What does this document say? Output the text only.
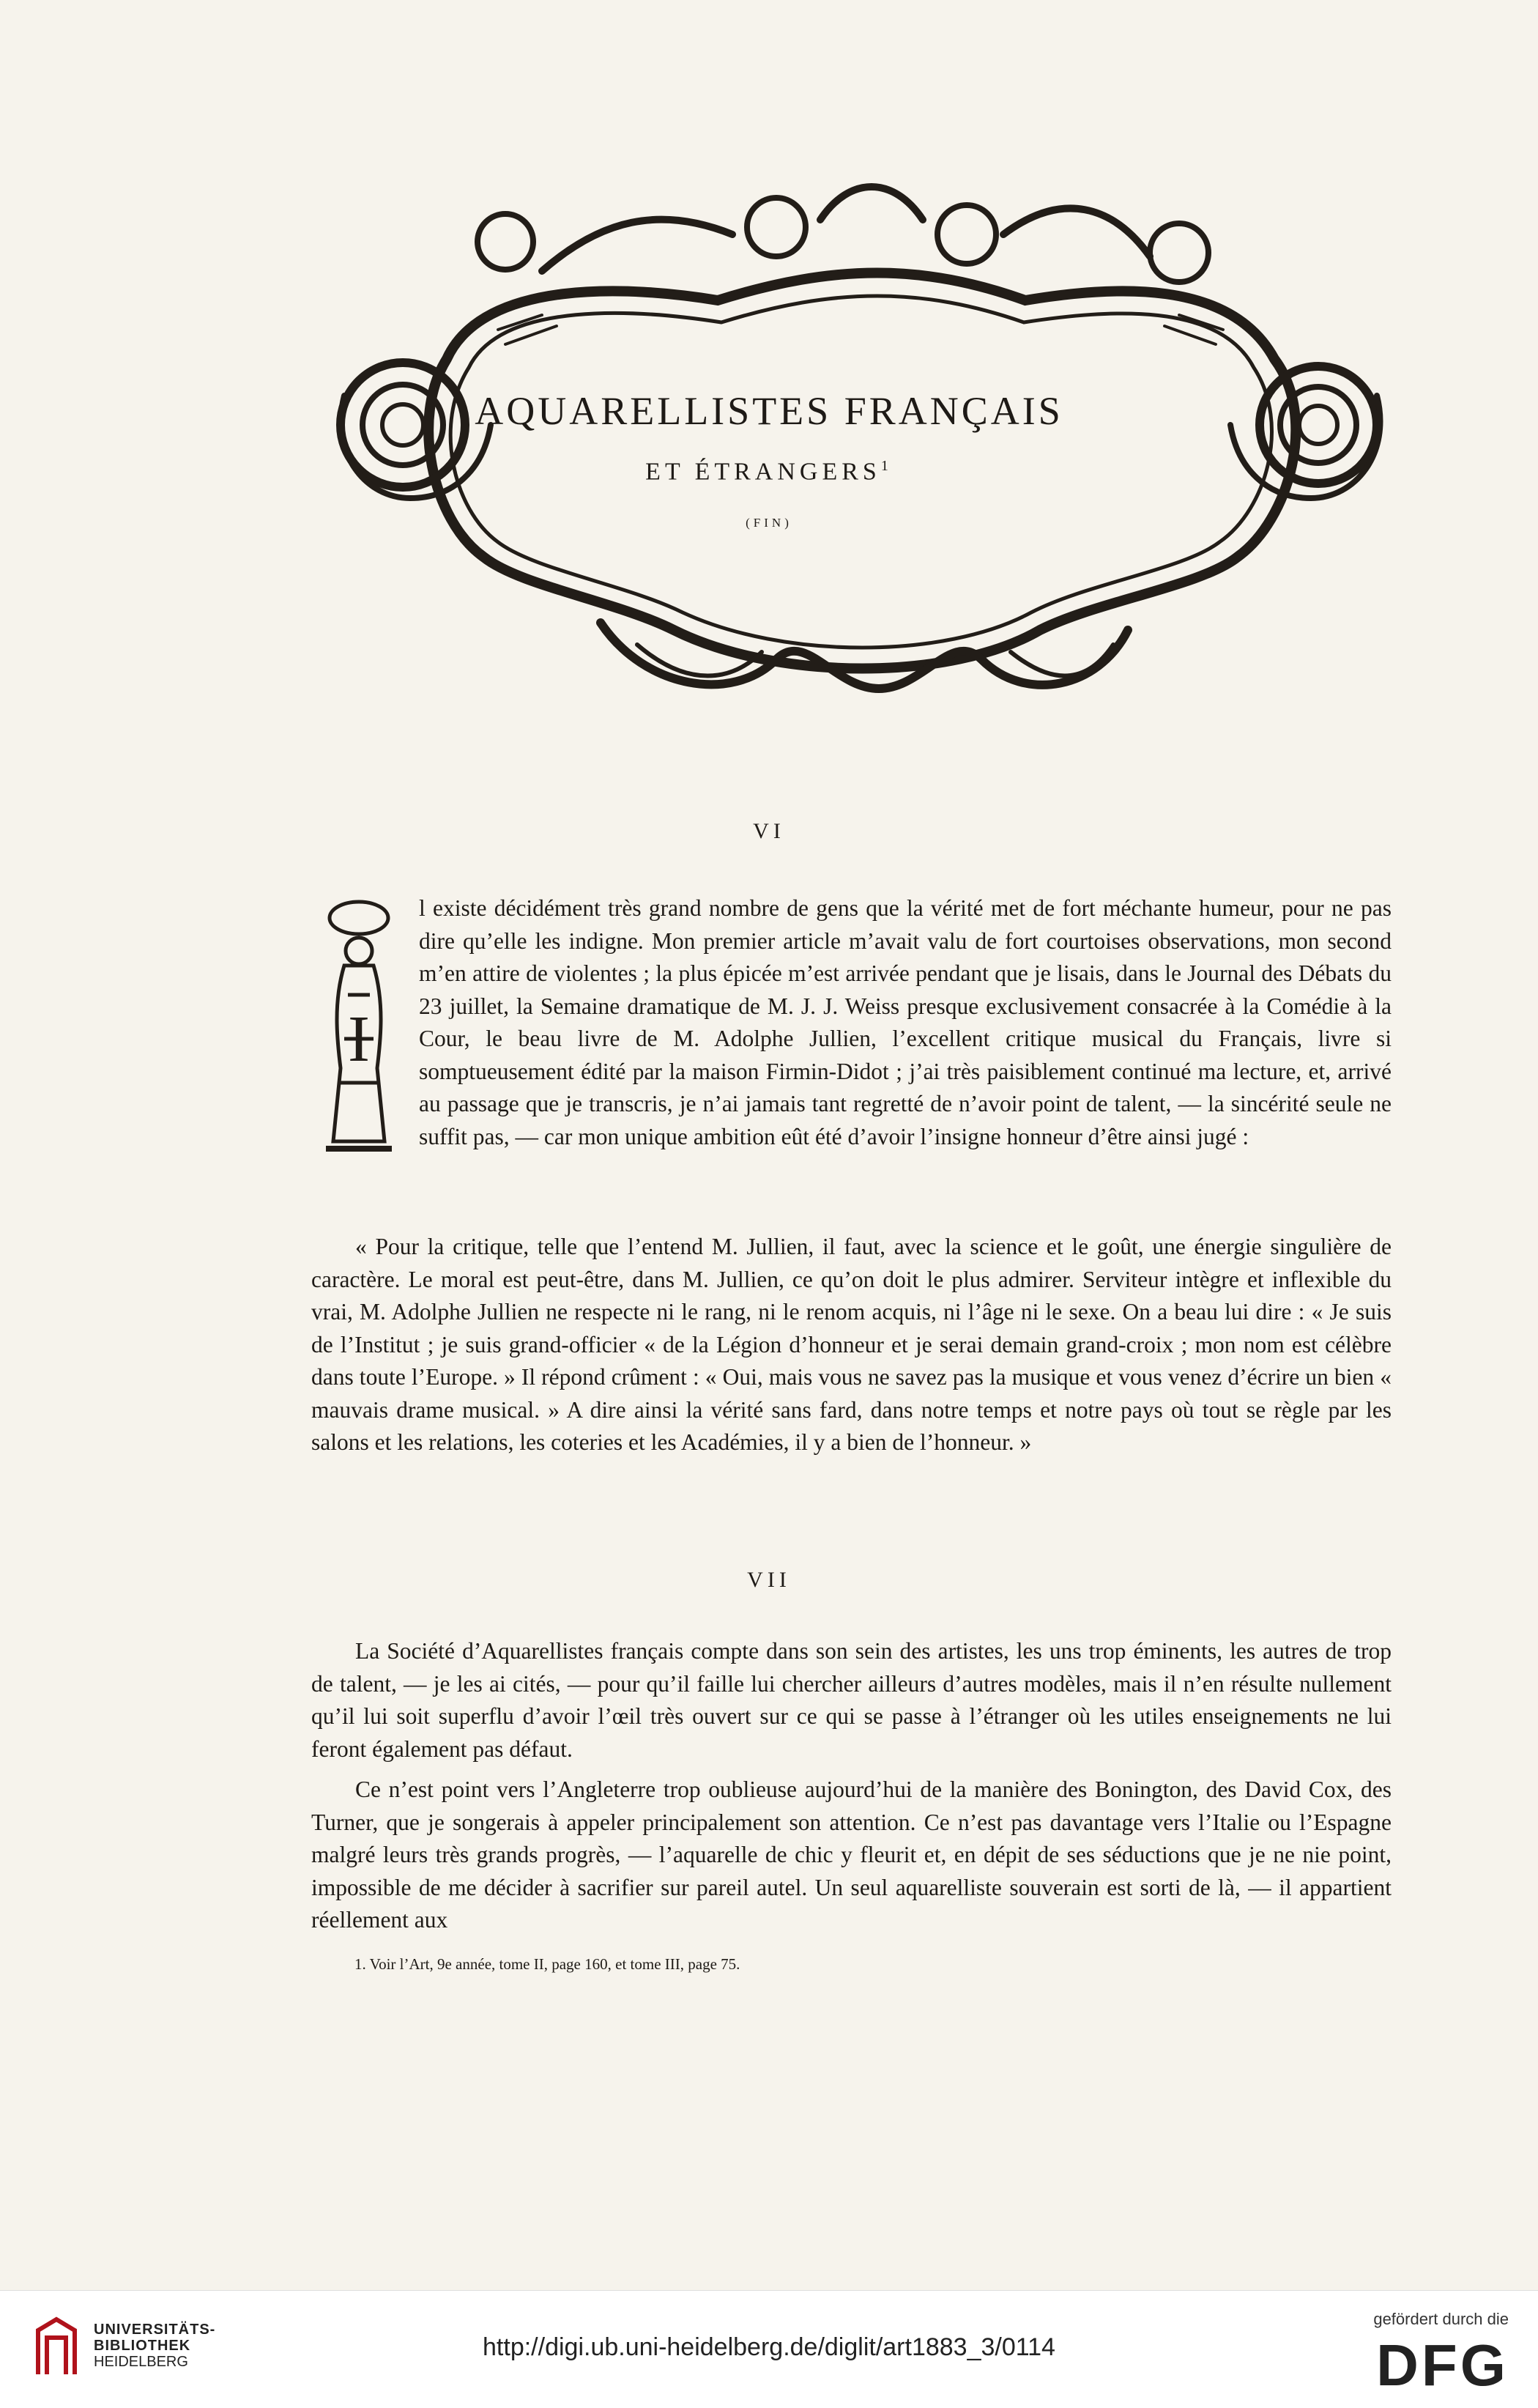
AQUARELLISTES FRANÇAIS
ET ÉTRANGERS$^1$
(FIN)
VI
I

l existe décidément très grand nombre de gens que la vérité met de fort méchante humeur, pour ne pas dire qu’elle les indigne. Mon premier article m’avait valu de fort courtoises observations, mon second m’en attire de violentes ; la plus épicée m’est arrivée pendant que je lisais, dans le Journal des Débats du 23 juillet, la Semaine dramatique de M. J. J. Weiss presque exclusivement consacrée à la Comédie à la Cour, le beau livre de M. Adolphe Jullien, l’excellent critique musical du Français, livre si somptueusement édité par la maison Firmin-Didot ; j’ai très paisiblement continué ma lecture, et, arrivé au passage que je transcris, je n’ai jamais tant regretté de n’avoir point de talent, — la sincérité seule ne suffit pas, — car mon unique ambition eût été d’avoir l’insigne honneur d’être ainsi jugé :

« Pour la critique, telle que l’entend M. Jullien, il faut, avec la science et le goût, une énergie singulière de caractère. Le moral est peut-être, dans M. Jullien, ce qu’on doit le plus admirer. Serviteur intègre et inflexible du vrai, M. Adolphe Jullien ne respecte ni le rang, ni le renom acquis, ni l’âge ni le sexe. On a beau lui dire : « Je suis de l’Institut ; je suis grand-officier « de la Légion d’honneur et je serai demain grand-croix ; mon nom est célèbre dans toute l’Europe. » Il répond crûment : « Oui, mais vous ne savez pas la musique et vous venez d’écrire un bien « mauvais drame musical. » A dire ainsi la vérité sans fard, dans notre temps et notre pays où tout se règle par les salons et les relations, les coteries et les Académies, il y a bien de l’honneur. »

VII

La Société d’Aquarellistes français compte dans son sein des artistes, les uns trop éminents, les autres de trop de talent, — je les ai cités, — pour qu’il faille lui chercher ailleurs d’autres modèles, mais il n’en résulte nullement qu’il lui soit superflu d’avoir l’œil très ouvert sur ce qui se passe à l’étranger où les utiles enseignements ne lui feront également pas défaut.

Ce n’est point vers l’Angleterre trop oublieuse aujourd’hui de la manière des Bonington, des David Cox, des Turner, que je songerais à appeler principalement son attention. Ce n’est pas davantage vers l’Italie ou l’Espagne malgré leurs très grands progrès, — l’aquarelle de chic y fleurit et, en dépit de ses séductions que je ne nie point, impossible de me décider à sacrifier sur pareil autel. Un seul aquarelliste souverain est sorti de là, — il appartient réellement aux

1. Voir l’Art, 9e année, tome II, page 160, et tome III, page 75.
UNIVERSITÄTS-
BIBLIOTHEK
HEIDELBERG
http://digi.ub.uni-heidelberg.de/diglit/art1883_3/0114
gefördert durch die
DFG
